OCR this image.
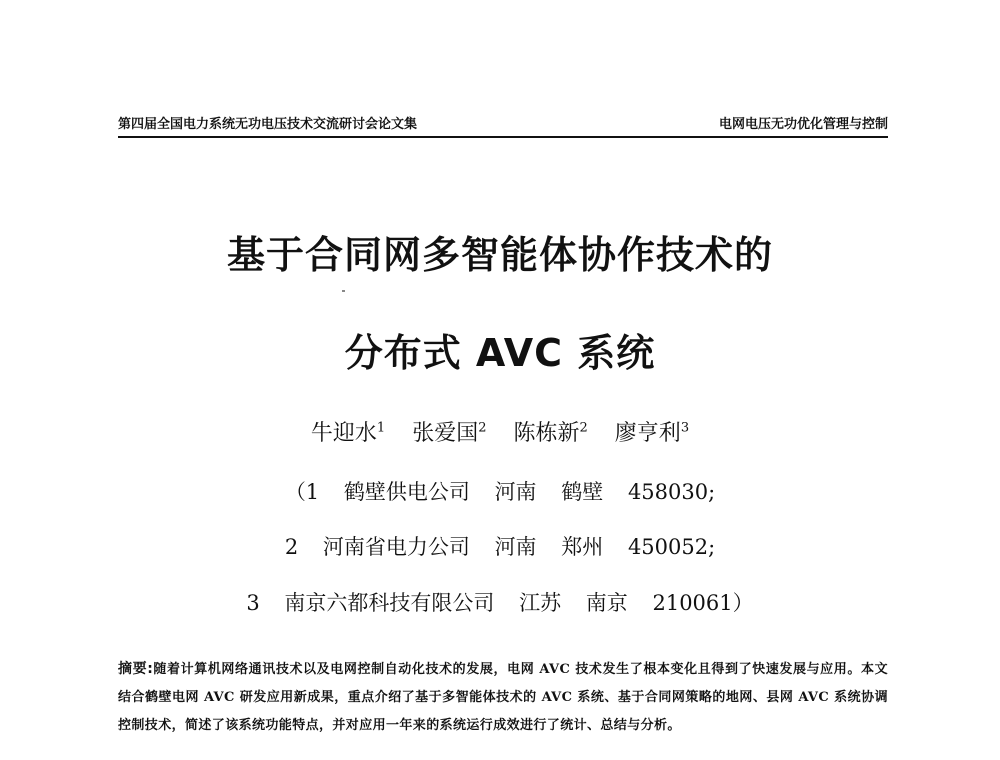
第四届全国电力系统无功电压技术交流研讨会论文集	电网电压无功优化管理与控制
基于合同网多智能体协作技术的
分布式 AVC 系统
牛迎水$^1$ 张爱国$^2$ 陈栋新$^2$ 廖亨利$^3$
（1 鹤壁供电公司 河南 鹤壁 458030;
2 河南省电力公司 河南 郑州 450052;
3 南京六都科技有限公司 江苏 南京 210061）
摘要:随着计算机网络通讯技术以及电网控制自动化技术的发展，电网 AVC 技术发生了根本变化且得到了快速发展与应用。本文结合鹤壁电网 AVC 研发应用新成果，重点介绍了基于多智能体技术的 AVC 系统、基于合同网策略的地网、县网 AVC 系统协调控制技术，简述了该系统功能特点，并对应用一年来的系统运行成效进行了统计、总结与分析。
